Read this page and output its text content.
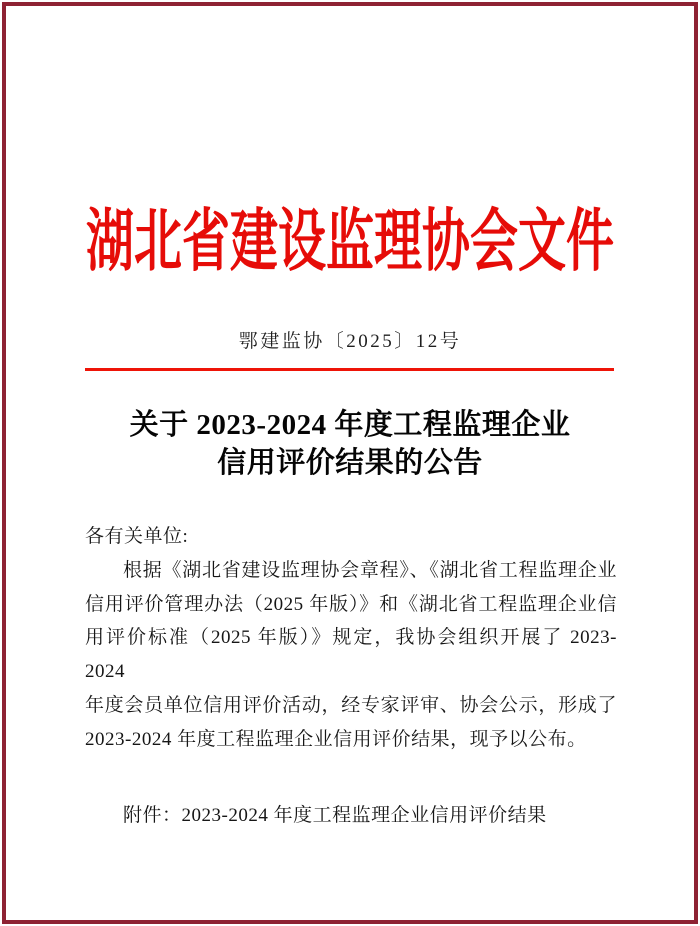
湖北省建设监理协会文件
鄂建监协〔2025〕12号
关于 2023-2024 年度工程监理企业
信用评价结果的公告
各有关单位:
根据《湖北省建设监理协会章程》、《湖北省工程监理企业
信用评价管理办法（2025 年版）》和《湖北省工程监理企业信
用评价标准（2025 年版）》规定，我协会组织开展了 2023-2024
年度会员单位信用评价活动，经专家评审、协会公示，形成了
2023-2024 年度工程监理企业信用评价结果，现予以公布。
附件：2023-2024 年度工程监理企业信用评价结果
